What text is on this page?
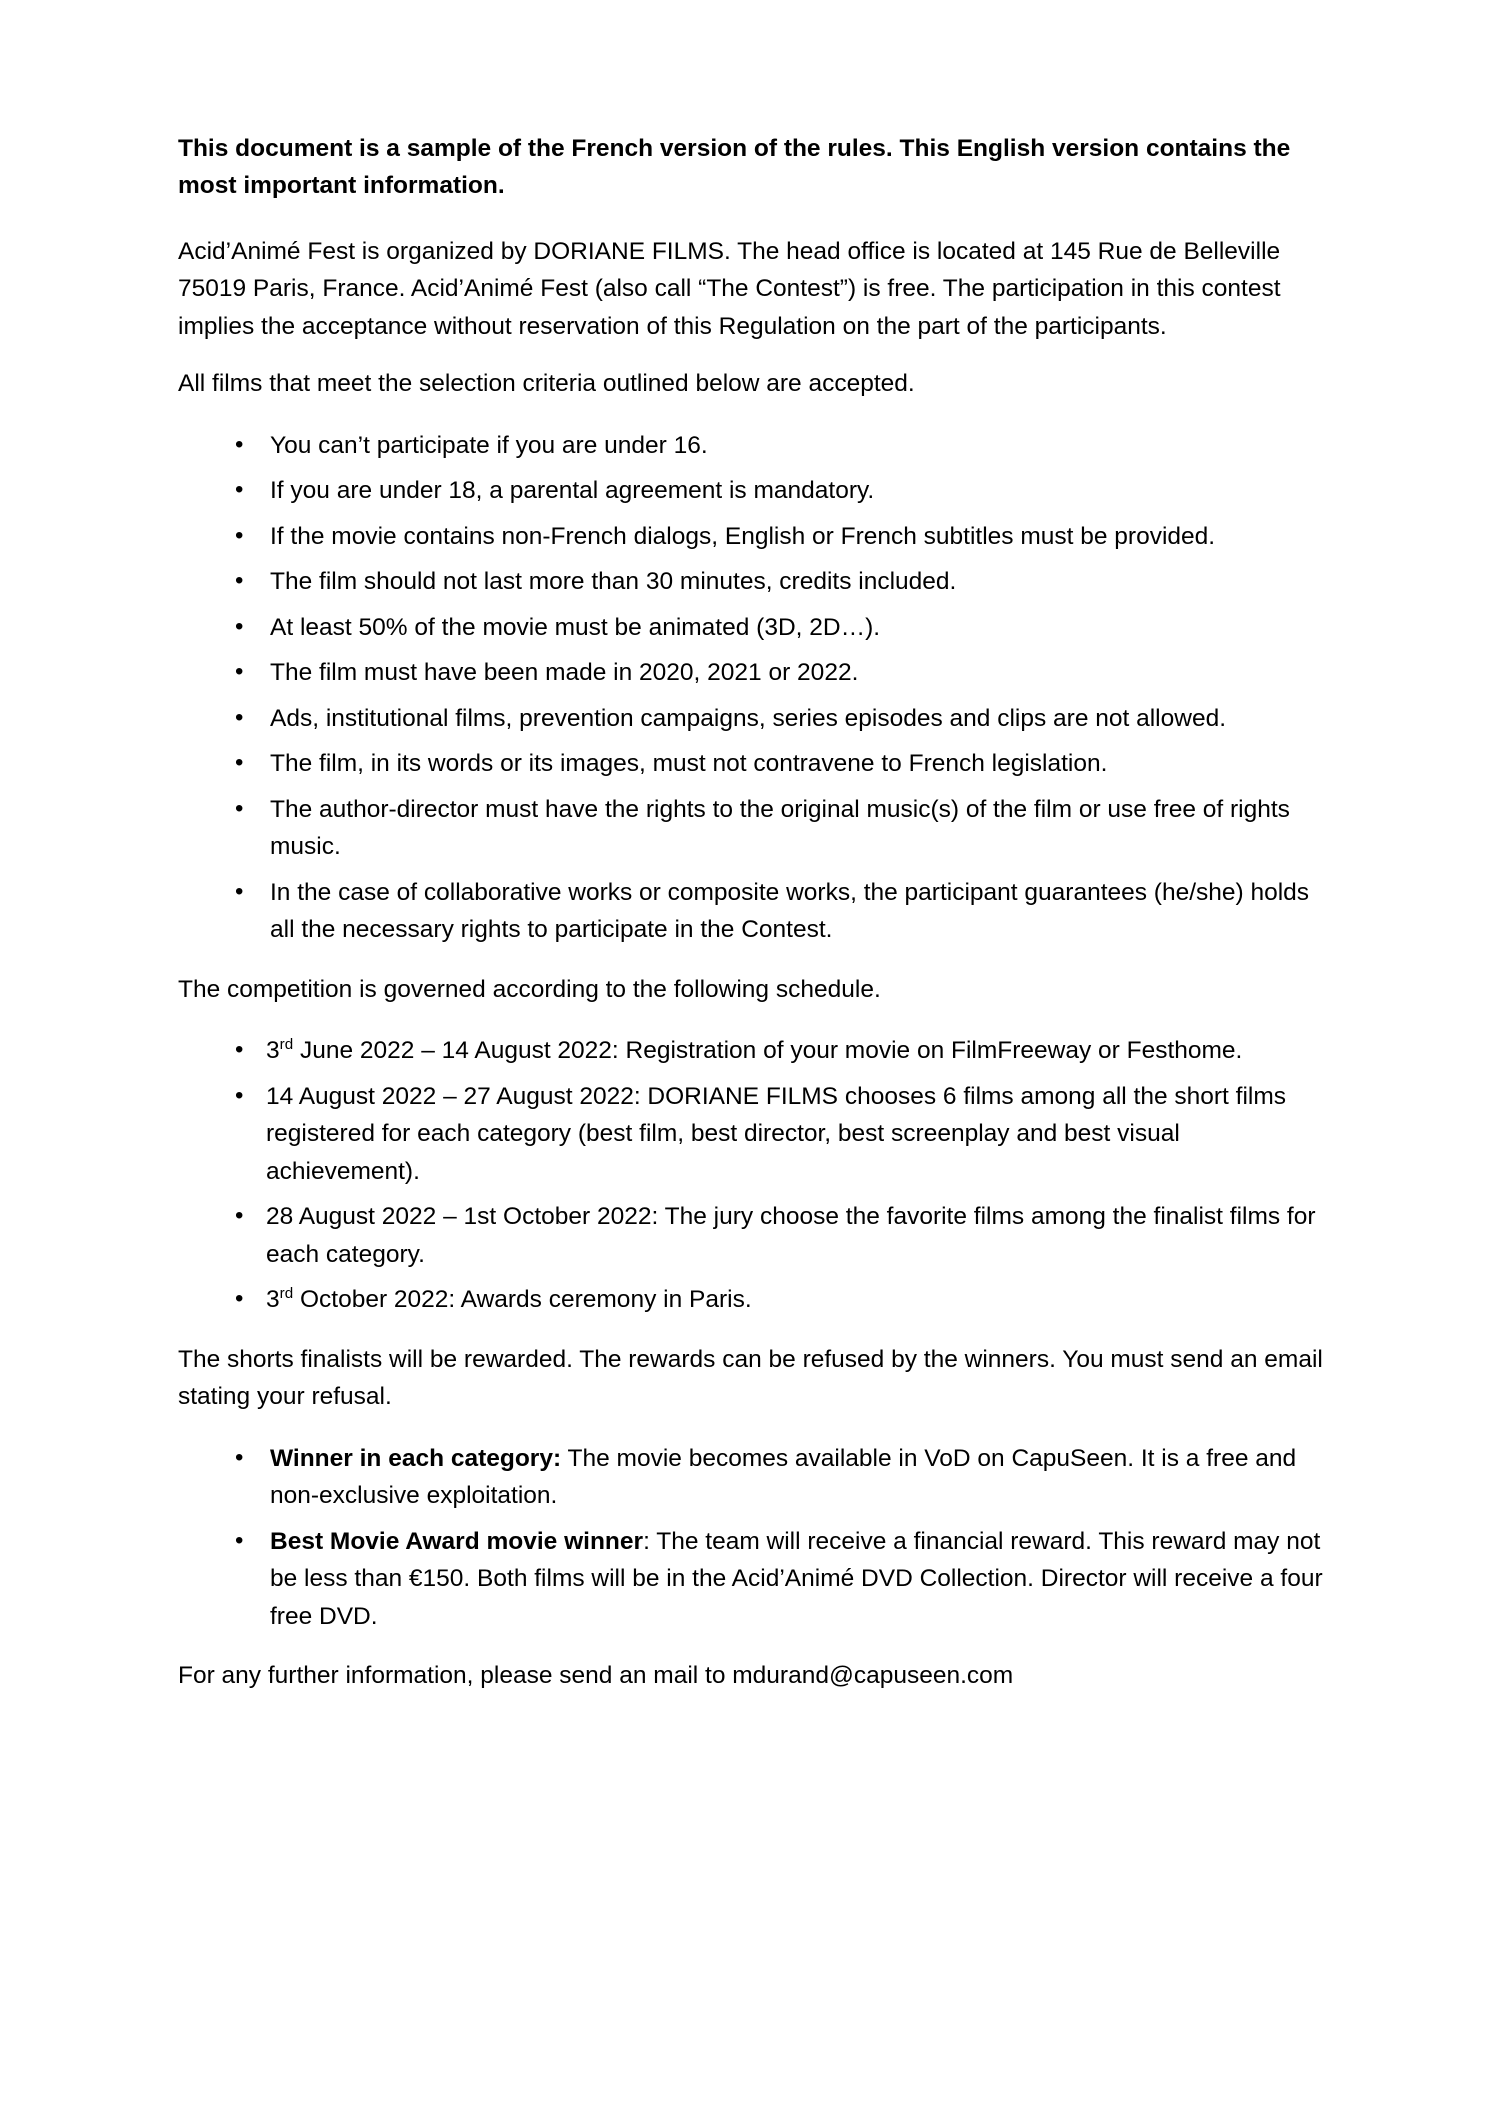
This document is a sample of the French version of the rules. This English version contains the most important information.

Acid’Animé Fest is organized by DORIANE FILMS. The head office is located at 145 Rue de Belleville 75019 Paris, France. Acid’Animé Fest (also call “The Contest”) is free. The participation in this contest implies the acceptance without reservation of this Regulation on the part of the participants.

All films that meet the selection criteria outlined below are accepted.

• You can’t participate if you are under 16.
• If you are under 18, a parental agreement is mandatory.
• If the movie contains non-French dialogs, English or French subtitles must be provided.
• The film should not last more than 30 minutes, credits included.
• At least 50% of the movie must be animated (3D, 2D…).
• The film must have been made in 2020, 2021 or 2022.
• Ads, institutional films, prevention campaigns, series episodes and clips are not allowed.
• The film, in its words or its images, must not contravene to French legislation.
• The author-director must have the rights to the original music(s) of the film or use free of rights music.
• In the case of collaborative works or composite works, the participant guarantees (he/she) holds all the necessary rights to participate in the Contest.

The competition is governed according to the following schedule.

• 3rd June 2022 – 14 August 2022: Registration of your movie on FilmFreeway or Festhome.
• 14 August 2022 – 27 August 2022: DORIANE FILMS chooses 6 films among all the short films registered for each category (best film, best director, best screenplay and best visual achievement).
• 28 August 2022 – 1st October 2022: The jury choose the favorite films among the finalist films for each category.
• 3rd October 2022: Awards ceremony in Paris.

The shorts finalists will be rewarded. The rewards can be refused by the winners. You must send an email stating your refusal.

• Winner in each category: The movie becomes available in VoD on CapuSeen. It is a free and non-exclusive exploitation.
• Best Movie Award movie winner: The team will receive a financial reward. This reward may not be less than €150. Both films will be in the Acid’Animé DVD Collection. Director will receive a four free DVD.

For any further information, please send an mail to mdurand@capuseen.com
